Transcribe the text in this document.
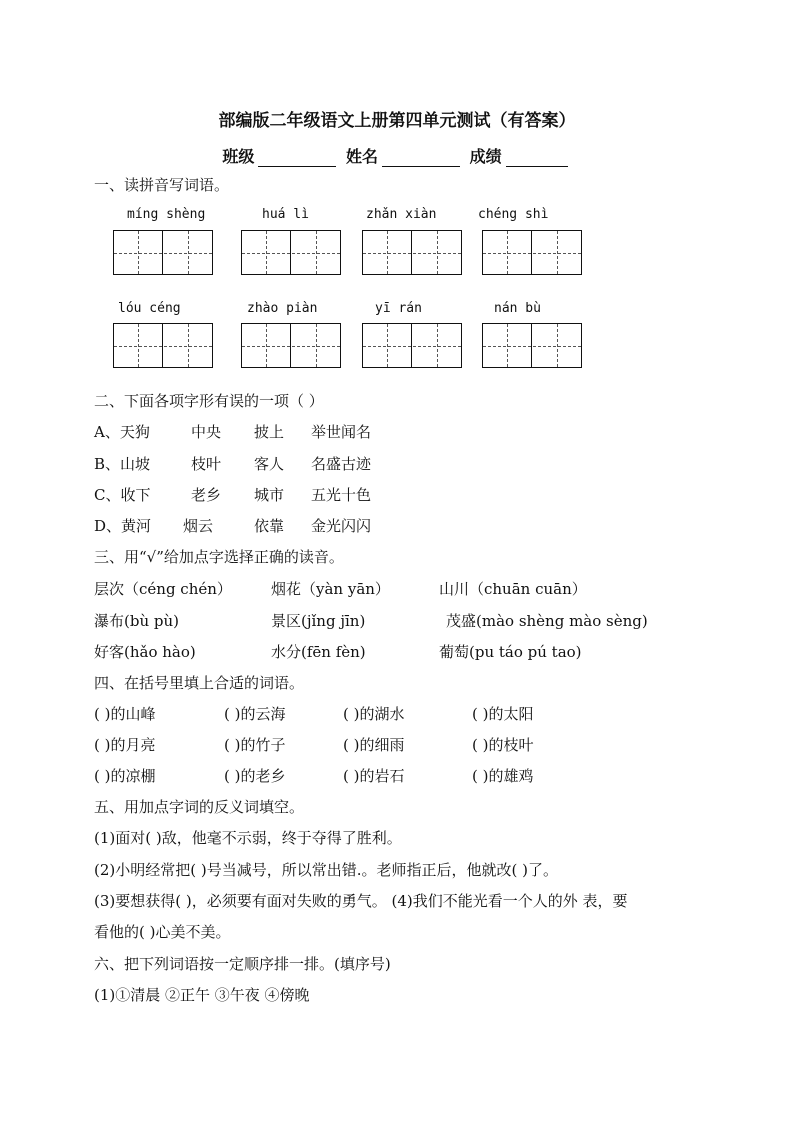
部编版二年级语文上册第四单元测试（有答案）
班级	姓名	成绩
一、读拼音写词语。
míng shèng	huá lì	zhǎn xiàn	chéng shì
lóu céng	zhào piàn	yī rán	nán bù
二、下面各项字形有误的一项（ ）
A、天狗	中央 披上 举世闻名
B、山坡	枝叶 客人 名盛古迹
C、收下	老乡 城市 五光十色
D、黄河 烟云	依靠 金光闪闪
三、用“√”给加点字选择正确的读音。
层次（céng chén）	烟花（yàn yān）	山川（chuān cuān）
瀑布(bù pù)	景区(jǐng jīn)	茂盛(mào shèng mào sèng)
好客(hǎo hào)	水分(fēn fèn)	葡萄(pu táo pú tao)
四、在括号里填上合适的词语。
( )的山峰	( )的云海	( )的湖水	( )的太阳
( )的月亮	( )的竹子	( )的细雨	( )的枝叶
( )的凉棚	( )的老乡	( )的岩石	( )的雄鸡
五、用加点字词的反义词填空。
(1)面对( )敌，他毫不示弱，终于夺得了胜利。
(2)小明经常把( )号当减号，所以常出错.。老师指正后，他就改( )了。
(3)要想获得( )，必须要有面对失败的勇气。 (4)我们不能光看一个人的外 表，要
看他的( )心美不美。
六、把下列词语按一定顺序排一排。(填序号)
(1)①清晨 ②正午 ③午夜 ④傍晚
